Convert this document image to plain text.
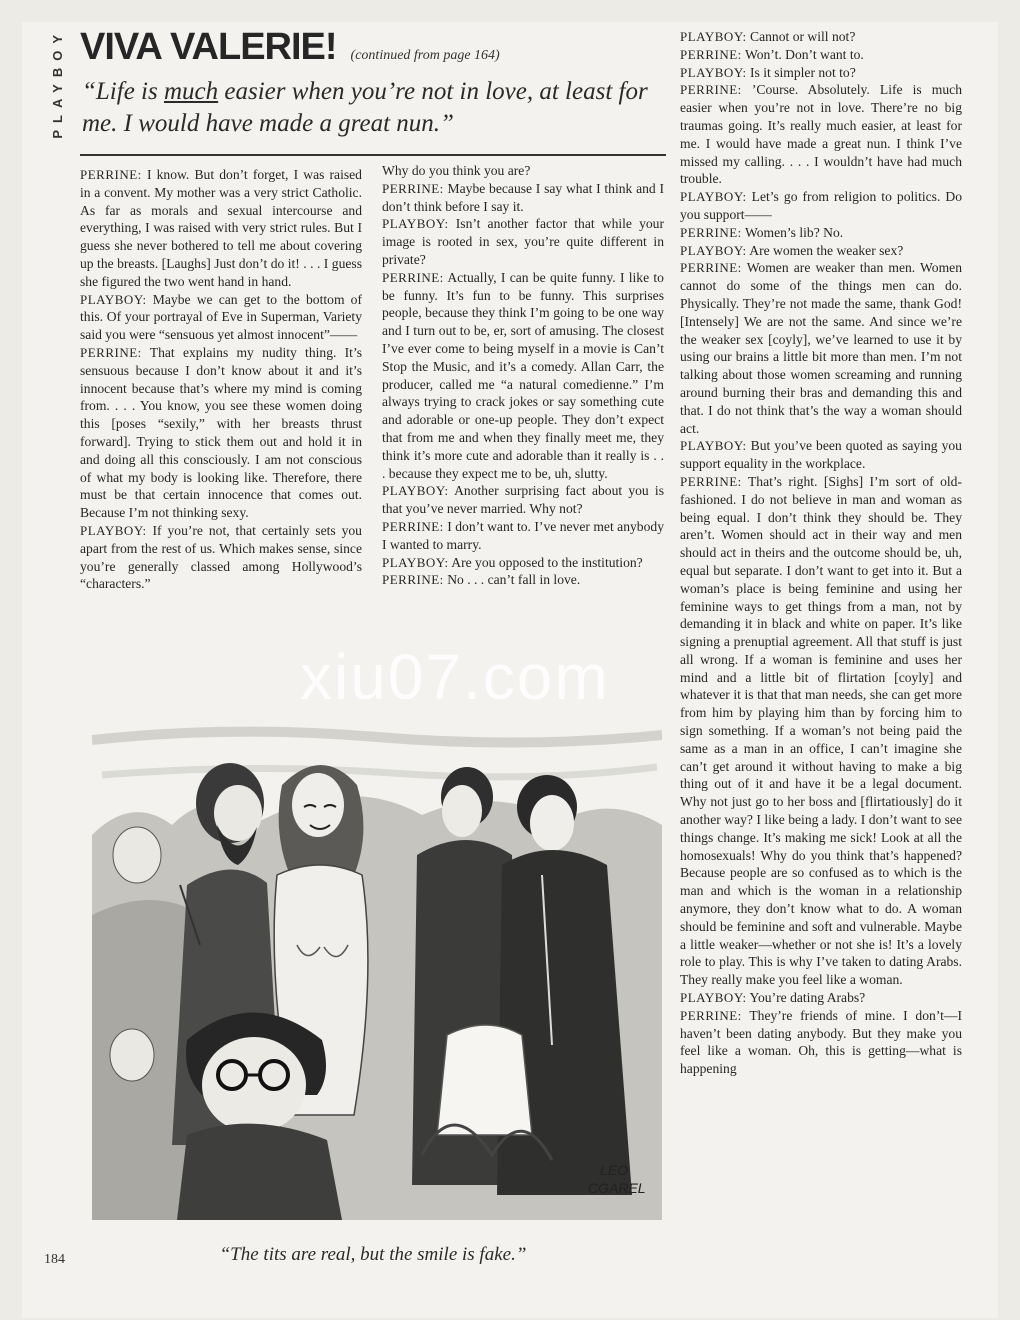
PLAYBOY VIVA VALERIE! (continued from page 164)
“Life is much easier when you’re not in love, at least for me. I would have made a great nun.”

PERRINE: I know. But don’t forget, I was raised in a convent. My mother was a very strict Catholic. As far as morals and sexual intercourse and everything, I was raised with very strict rules. But I guess she never bothered to tell me about covering up the breasts. [Laughs] Just don’t do it! . . . I guess she figured the two went hand in hand.

PLAYBOY: Maybe we can get to the bottom of this. Of your portrayal of Eve in Superman, Variety said you were “sensuous yet almost innocent”——

PERRINE: That explains my nudity thing. It’s sensuous because I don’t know about it and it’s innocent because that’s where my mind is coming from. . . . You know, you see these women doing this [poses “sexily,” with her breasts thrust forward]. Trying to stick them out and hold it in and doing all this consciously. I am not conscious of what my body is looking like. Therefore, there must be that certain innocence that comes out. Because I’m not thinking sexy.

PLAYBOY: If you’re not, that certainly sets you apart from the rest of us. Which makes sense, since you’re generally classed among Hollywood’s “characters.”

Why do you think you are?

PERRINE: Maybe because I say what I think and I don’t think before I say it.

PLAYBOY: Isn’t another factor that while your image is rooted in sex, you’re quite different in private?

PERRINE: Actually, I can be quite funny. I like to be funny. It’s fun to be funny. This surprises people, because they think I’m going to be one way and I turn out to be, er, sort of amusing. The closest I’ve ever come to being myself in a movie is Can’t Stop the Music, and it’s a comedy. Allan Carr, the producer, called me “a natural comedienne.” I’m always trying to crack jokes or say something cute and adorable or one-up people. They don’t expect that from me and when they finally meet me, they think it’s more cute and adorable than it really is . . . because they expect me to be, uh, slutty.

PLAYBOY: Another surprising fact about you is that you’ve never married. Why not?

PERRINE: I don’t want to. I’ve never met anybody I wanted to marry.

PLAYBOY: Are you opposed to the institution?

PERRINE: No . . . can’t fall in love.

PLAYBOY: Cannot or will not?

PERRINE: Won’t. Don’t want to.

PLAYBOY: Is it simpler not to?

PERRINE: ’Course. Absolutely. Life is much easier when you’re not in love. There’re no big traumas going. It’s really much easier, at least for me. I would have made a great nun. I think I’ve missed my calling. . . . I wouldn’t have had much trouble.

PLAYBOY: Let’s go from religion to politics. Do you support——

PERRINE: Women’s lib? No.

PLAYBOY: Are women the weaker sex?

PERRINE: Women are weaker than men. Women cannot do some of the things men can do. Physically. They’re not made the same, thank God! [Intensely] We are not the same. And since we’re the weaker sex [coyly], we’ve learned to use it by using our brains a little bit more than men. I’m not talking about those women screaming and running around burning their bras and demanding this and that. I do not think that’s the way a woman should act.

PLAYBOY: But you’ve been quoted as saying you support equality in the workplace.

PERRINE: That’s right. [Sighs] I’m sort of old-fashioned. I do not believe in man and woman as being equal. I don’t think they should be. They aren’t. Women should act in their way and men should act in theirs and the outcome should be, uh, equal but separate. I don’t want to get into it. But a woman’s place is being feminine and using her feminine ways to get things from a man, not by demanding it in black and white on paper. It’s like signing a prenuptial agreement. All that stuff is just all wrong. If a woman is feminine and uses her mind and a little bit of flirtation [coyly] and whatever it is that that man needs, she can get more from him by playing him than by forcing him to sign something. If a woman’s not being paid the same as a man in an office, I can’t imagine she can’t get around it without having to make a big thing out of it and have it be a legal document. Why not just go to her boss and [flirtatiously] do it another way? I like being a lady. I don’t want to see things change. It’s making me sick! Look at all the homosexuals! Why do you think that’s happened? Because people are so confused as to which is the man and which is the woman in a relationship anymore, they don’t know what to do. A woman should be feminine and soft and vulnerable. Maybe a little weaker—whether or not she is! It’s a lovely role to play. This is why I’ve taken to dating Arabs. They really make you feel like a woman.

PLAYBOY: You’re dating Arabs?

PERRINE: They’re friends of mine. I don’t—I haven’t been dating anybody. But they make you feel like a woman. Oh, this is getting—what is happening

LEO
CGAREL
“The tits are real, but the smile is fake.”
184
xiu07.com
